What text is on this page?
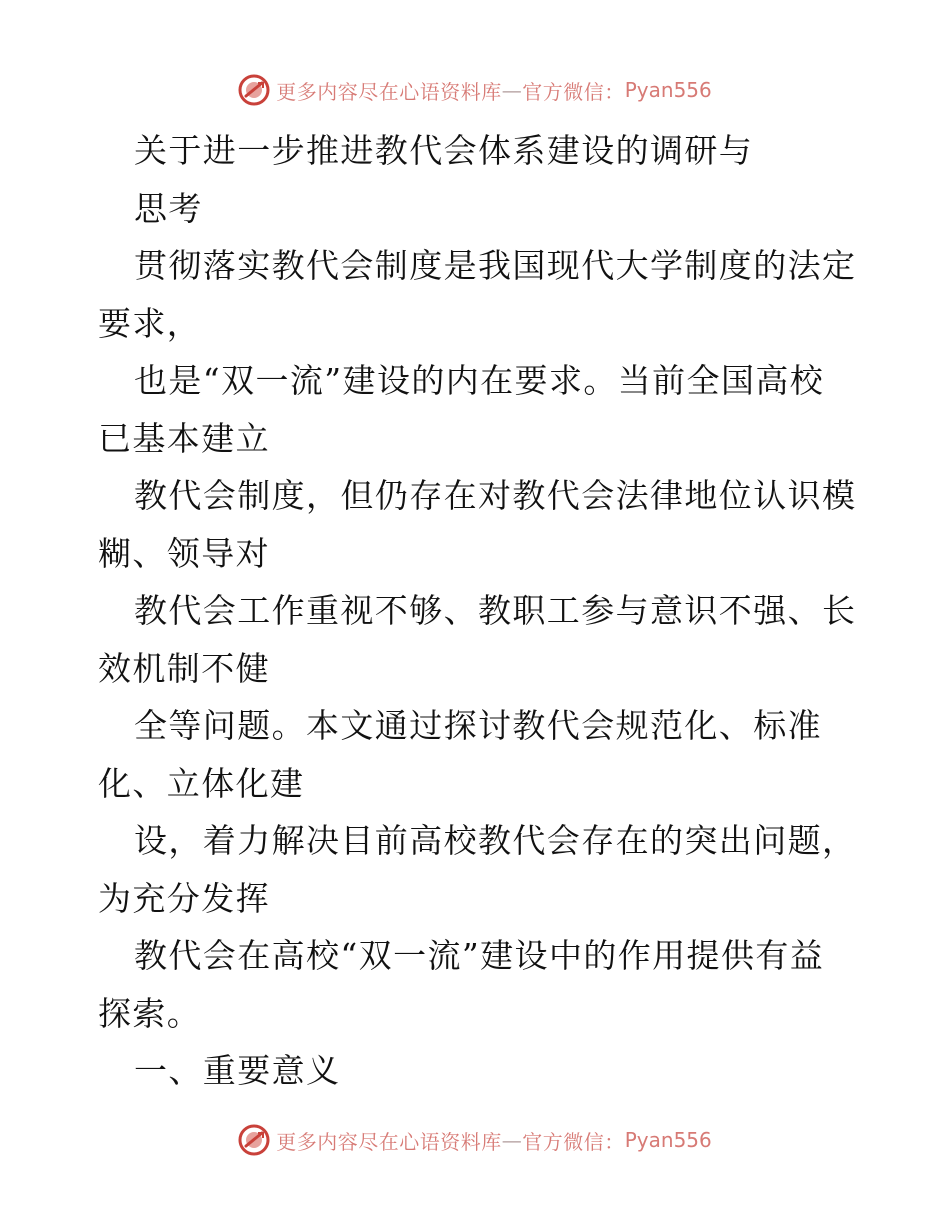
更多内容尽在心语资料库 — 官方微信： Pyan556
关于进一步推进教代会体系建设的调研与
思考
贯彻落实教代会制度是我国现代大学制度的法定
要求，
也是“双一流”建设的内在要求。当前全国高校
已基本建立
教代会制度，但仍存在对教代会法律地位认识模
糊、领导对
教代会工作重视不够、教职工参与意识不强、长
效机制不健
全等问题。本文通过探讨教代会规范化、标准
化、立体化建
设，着力解决目前高校教代会存在的突出问题，
为充分发挥
教代会在高校“双一流”建设中的作用提供有益
探索。
一、重要意义
更多内容尽在心语资料库 — 官方微信： Pyan556
